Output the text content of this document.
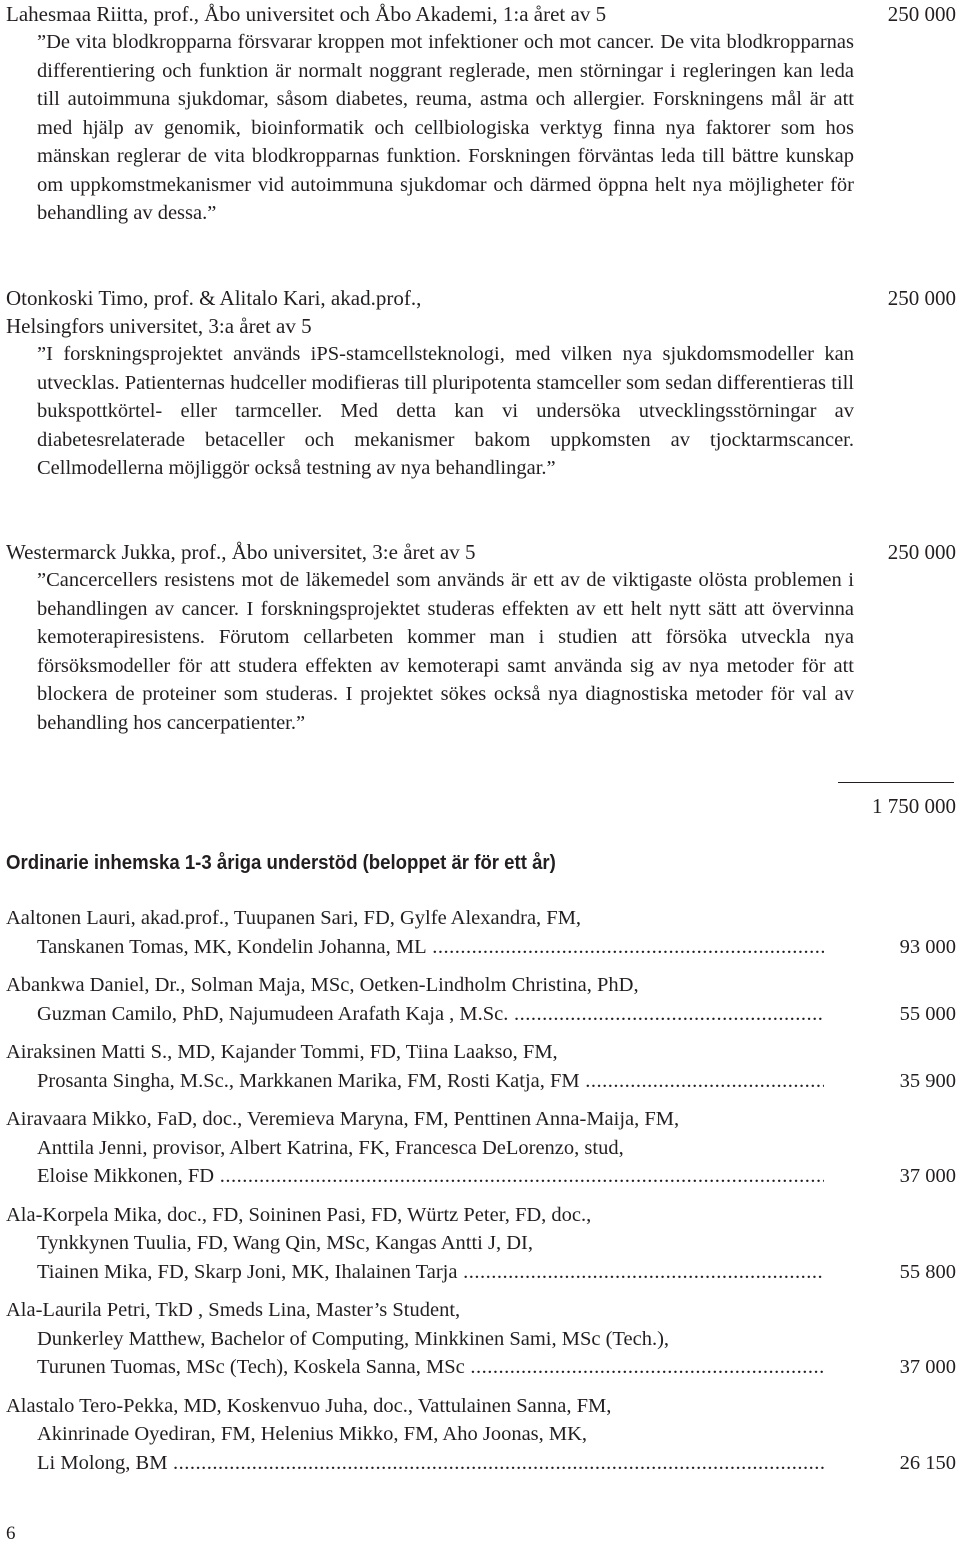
Lahesmaa Riitta, prof., Åbo universitet och Åbo Akademi, 1:a året av 5	250 000
”De vita blodkropparna försvarar kroppen mot infektioner och mot cancer. De vita blodkropparnas differentiering och funktion är normalt noggrant reglerade, men störningar i regleringen kan leda till autoimmuna sjukdomar, såsom diabetes, reuma, astma och allergier. Forskningens mål är att med hjälp av genomik, bioinformatik och cellbiologiska verktyg finna nya faktorer som hos mänskan reglerar de vita blodkropparnas funktion. Forskningen förväntas leda till bättre kunskap om uppkomstmekanismer vid autoimmuna sjukdomar och därmed öppna helt nya möjligheter för behandling av dessa.”
Otonkoski Timo, prof. & Alitalo Kari, akad.prof.,	250 000
Helsingfors universitet, 3:a året av 5
”I forskningsprojektet används iPS-stamcellsteknologi, med vilken nya sjukdomsmodeller kan utvecklas. Patienternas hudceller modifieras till pluripotenta stamceller som sedan differentieras till bukspottkörtel- eller tarmceller. Med detta kan vi undersöka utvecklingsstörningar av diabetesrelaterade betaceller och mekanismer bakom uppkomsten av tjocktarmscancer. Cellmodellerna möjliggör också testning av nya behandlingar.”
Westermarck Jukka, prof., Åbo universitet, 3:e året av 5	250 000
”Cancercellers resistens mot de läkemedel som används är ett av de viktigaste olösta problemen i behandlingen av cancer. I forskningsprojektet studeras effekten av ett helt nytt sätt att övervinna kemoterapiresistens. Förutom cellarbeten kommer man i studien att försöka utveckla nya försöksmodeller för att studera effekten av kemoterapi samt använda sig av nya metoder för att blockera de proteiner som studeras. I projektet sökes också nya diagnostiska metoder för val av behandling hos cancerpatienter.”
1 750 000
Ordinarie inhemska 1-3 åriga understöd (beloppet är för ett år)
Aaltonen Lauri, akad.prof., Tuupanen Sari, FD, Gylfe Alexandra, FM,
Tanskanen Tomas, MK, Kondelin Johanna, ML .....	93 000
Abankwa Daniel, Dr., Solman Maja, MSc, Oetken-Lindholm Christina, PhD,
Guzman Camilo, PhD, Najumudeen Arafath Kaja , M.Sc. .....	55 000
Airaksinen Matti S., MD, Kajander Tommi, FD, Tiina Laakso, FM,
Prosanta Singha, M.Sc., Markkanen Marika, FM, Rosti Katja, FM .....	35 900
Airavaara Mikko, FaD, doc., Veremieva Maryna, FM, Penttinen Anna-Maija, FM,
Anttila Jenni, provisor, Albert Katrina, FK, Francesca DeLorenzo, stud,
Eloise Mikkonen, FD .....	37 000
Ala-Korpela Mika, doc., FD, Soininen Pasi, FD, Würtz Peter, FD, doc.,
Tynkkynen Tuulia, FD, Wang Qin, MSc, Kangas Antti J, DI,
Tiainen Mika, FD, Skarp Joni, MK, Ihalainen Tarja .....	55 800
Ala-Laurila Petri, TkD , Smeds Lina, Master’s Student,
Dunkerley Matthew, Bachelor of Computing, Minkkinen Sami, MSc (Tech.),
Turunen Tuomas, MSc (Tech), Koskela Sanna, MSc .....	37 000
Alastalo Tero-Pekka, MD, Koskenvuo Juha, doc., Vattulainen Sanna, FM,
Akinrinade Oyediran, FM, Helenius Mikko, FM, Aho Joonas, MK,
Li Molong, BM .....	26 150
6
